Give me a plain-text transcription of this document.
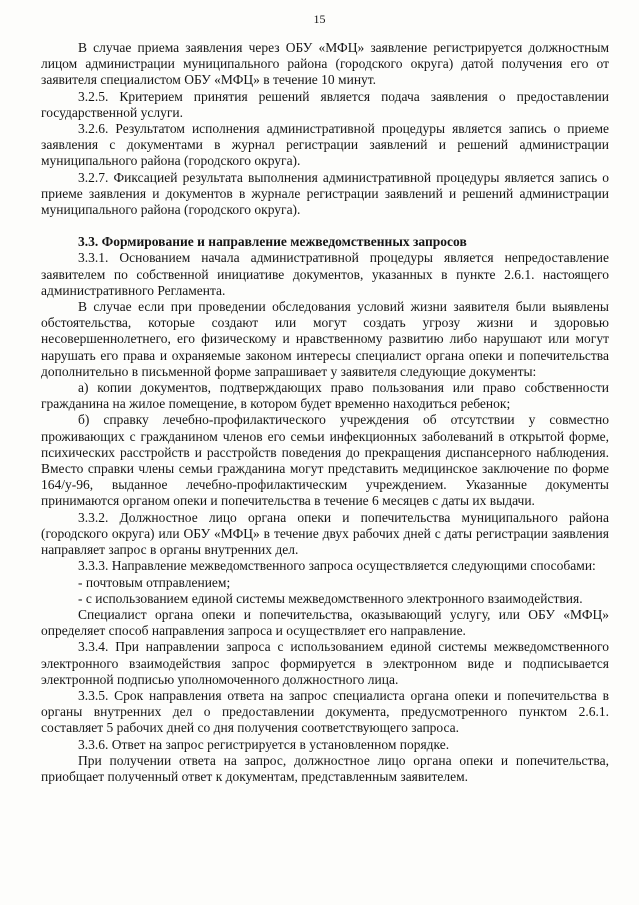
15

В случае приема заявления через ОБУ «МФЦ» заявление регистрируется должностным лицом администрации муниципального района (городского округа) датой получения его от заявителя специалистом ОБУ «МФЦ» в течение 10 минут.

3.2.5. Критерием принятия решений является подача заявления о предоставлении государственной услуги.

3.2.6. Результатом исполнения административной процедуры является запись о приеме заявления с документами в журнал регистрации заявлений и решений администрации муниципального района (городского округа).

3.2.7. Фиксацией результата выполнения административной процедуры является запись о приеме заявления и документов в журнале регистрации заявлений и решений администрации муниципального района (городского округа).

3.3. Формирование и направление межведомственных запросов

3.3.1. Основанием начала административной процедуры является непредоставление заявителем по собственной инициативе документов, указанных в пункте 2.6.1. настоящего административного Регламента.

В случае если при проведении обследования условий жизни заявителя были выявлены обстоятельства, которые создают или могут создать угрозу жизни и здоровью несовершеннолетнего, его физическому и нравственному развитию либо нарушают или могут нарушать его права и охраняемые законом интересы специалист органа опеки и попечительства дополнительно в письменной форме запрашивает у заявителя следующие документы:

а) копии документов, подтверждающих право пользования или право собственности гражданина на жилое помещение, в котором будет временно находиться ребенок;

б) справку лечебно-профилактического учреждения об отсутствии у совместно проживающих с гражданином членов его семьи инфекционных заболеваний в открытой форме, психических расстройств и расстройств поведения до прекращения диспансерного наблюдения. Вместо справки члены семьи гражданина могут представить медицинское заключение по форме 164/у-96, выданное лечебно-профилактическим учреждением. Указанные документы принимаются органом опеки и попечительства в течение 6 месяцев с даты их выдачи.

3.3.2. Должностное лицо органа опеки и попечительства муниципального района (городского округа) или ОБУ «МФЦ» в течение двух рабочих дней с даты регистрации заявления направляет запрос в органы внутренних дел.

3.3.3. Направление межведомственного запроса осуществляется следующими способами:

- почтовым отправлением;

- с использованием единой системы межведомственного электронного взаимодействия.

Специалист органа опеки и попечительства, оказывающий услугу, или ОБУ «МФЦ» определяет способ направления запроса и осуществляет его направление.

3.3.4. При направлении запроса с использованием единой системы межведомственного электронного взаимодействия запрос формируется в электронном виде и подписывается электронной подписью уполномоченного должностного лица.

3.3.5. Срок направления ответа на запрос специалиста органа опеки и попечительства в органы внутренних дел о предоставлении документа, предусмотренного пунктом 2.6.1. составляет 5 рабочих дней со дня получения соответствующего запроса.

3.3.6. Ответ на запрос регистрируется в установленном порядке.

При получении ответа на запрос, должностное лицо органа опеки и попечительства, приобщает полученный ответ к документам, представленным заявителем.
